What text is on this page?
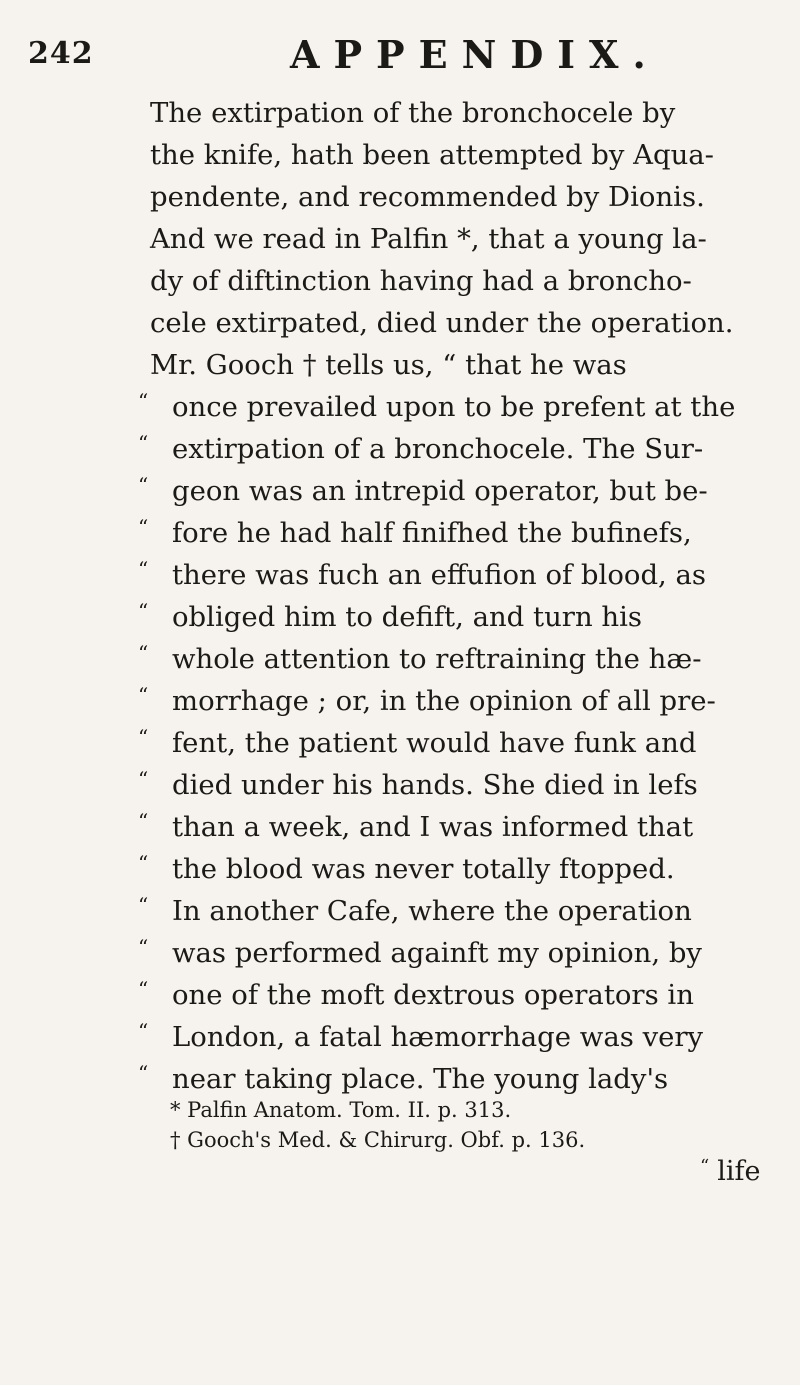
242	APPENDIX.
The extirpation of the bronchocele by
the knife, hath been attempted by Aqua-
pendente, and recommended by Dionis.
And we read in Palfin *, that a young la-
dy of diftinction having had a broncho-
cele extirpated, died under the operation.
Mr. Gooch † tells us, “ that he was
“ once prevailed upon to be prefent at the
“ extirpation of a bronchocele. The Sur-
“ geon was an intrepid operator, but be-
“ fore he had half finifhed the bufinefs,
“ there was fuch an effufion of blood, as
“ obliged him to defift, and turn his
“ whole attention to reftraining the hæ-
“ morrhage ; or, in the opinion of all pre-
“ fent, the patient would have funk and
“ died under his hands. She died in lefs
“ than a week, and I was informed that
“ the blood was never totally ftopped.
“ In another Cafe, where the operation
“ was performed againft my opinion, by
“ one of the moft dextrous operators in
“ London, a fatal hæmorrhage was very
“ near taking place. The young lady's
* Palfin Anatom. Tom. II. p. 313.
† Gooch's Med. & Chirurg. Obf. p. 136.
“ life
